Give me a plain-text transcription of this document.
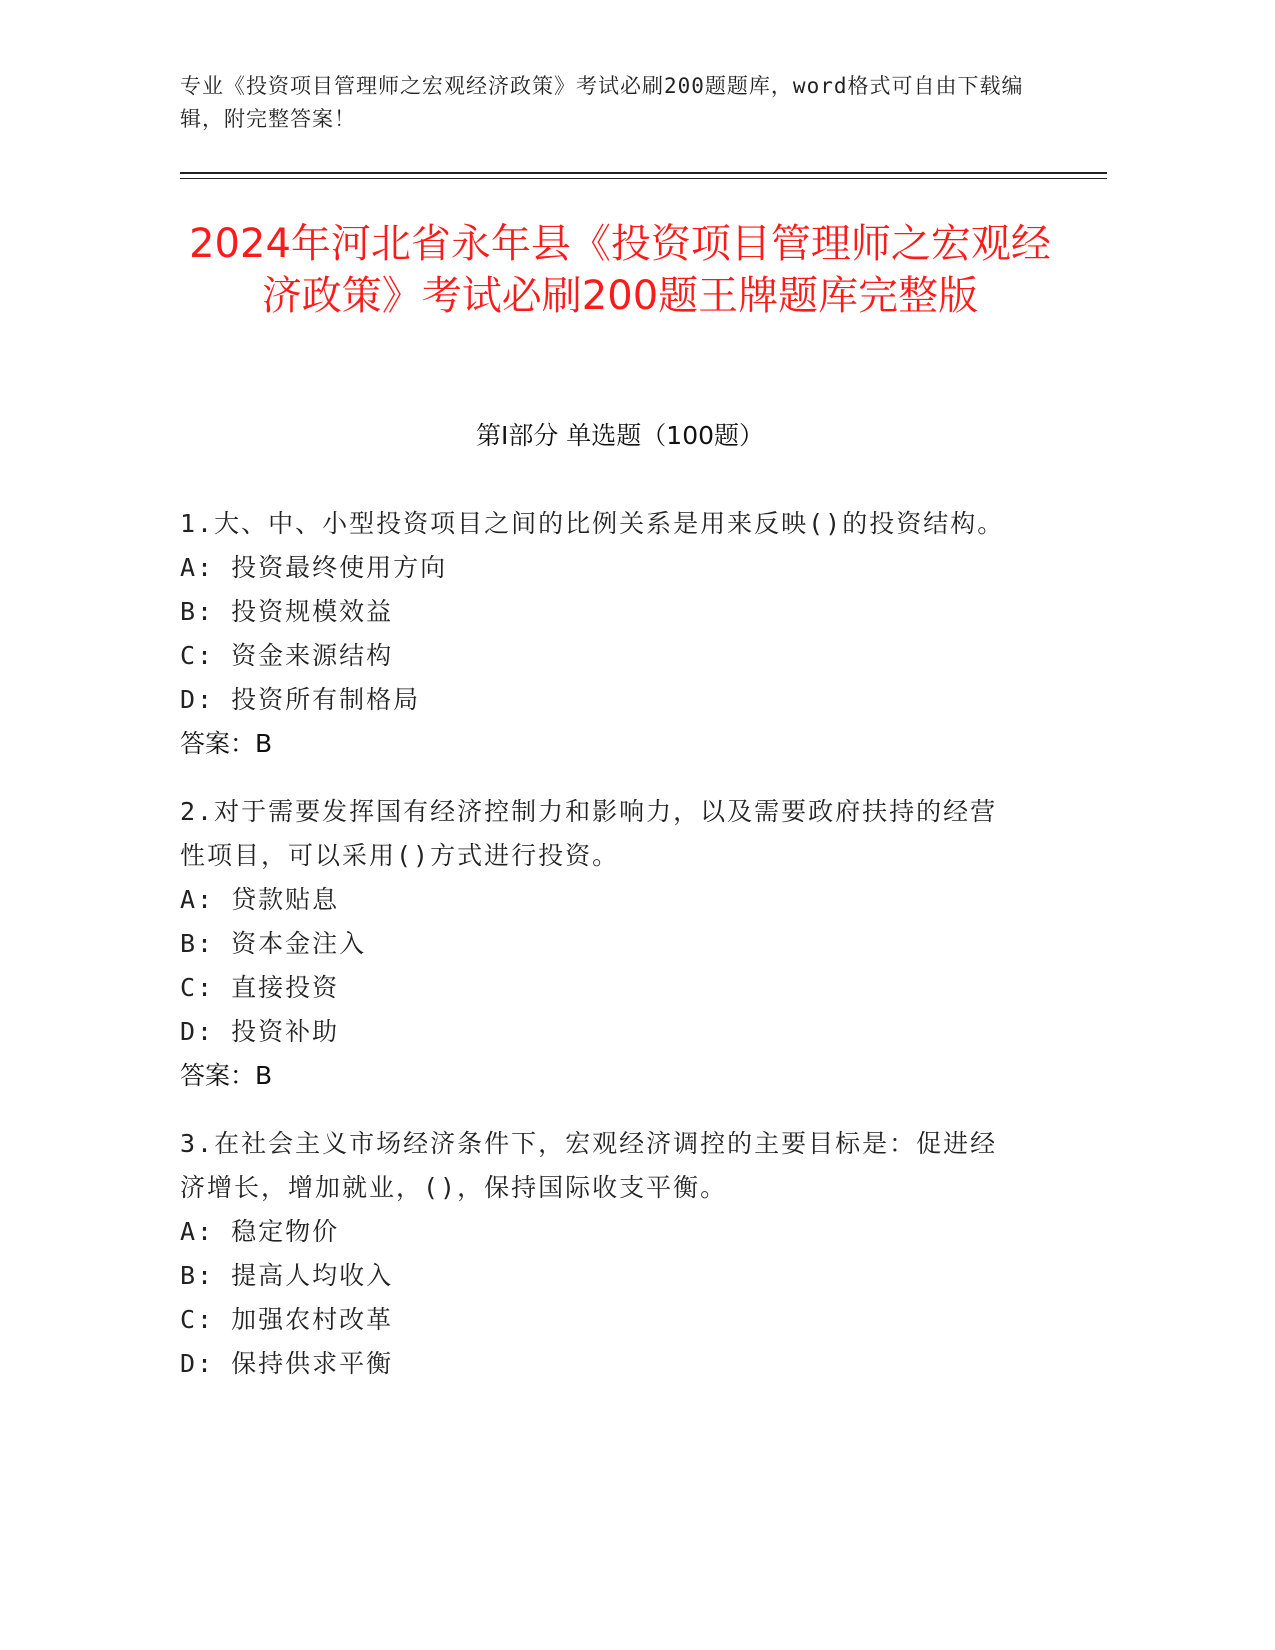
专业《投资项目管理师之宏观经济政策》考试必刷200题题库，word格式可自由下载编辑，附完整答案！
2024年河北省永年县《投资项目管理师之宏观经济政策》考试必刷200题王牌题库完整版
第I部分 单选题（100题）
1.大、中、小型投资项目之间的比例关系是用来反映()的投资结构。
A: 投资最终使用方向
B: 投资规模效益
C: 资金来源结构
D: 投资所有制格局
答案：B
2.对于需要发挥国有经济控制力和影响力，以及需要政府扶持的经营性项目，可以采用()方式进行投资。
A: 贷款贴息
B: 资本金注入
C: 直接投资
D: 投资补助
答案：B
3.在社会主义市场经济条件下，宏观经济调控的主要目标是：促进经济增长，增加就业，()，保持国际收支平衡。
A: 稳定物价
B: 提高人均收入
C: 加强农村改革
D: 保持供求平衡
